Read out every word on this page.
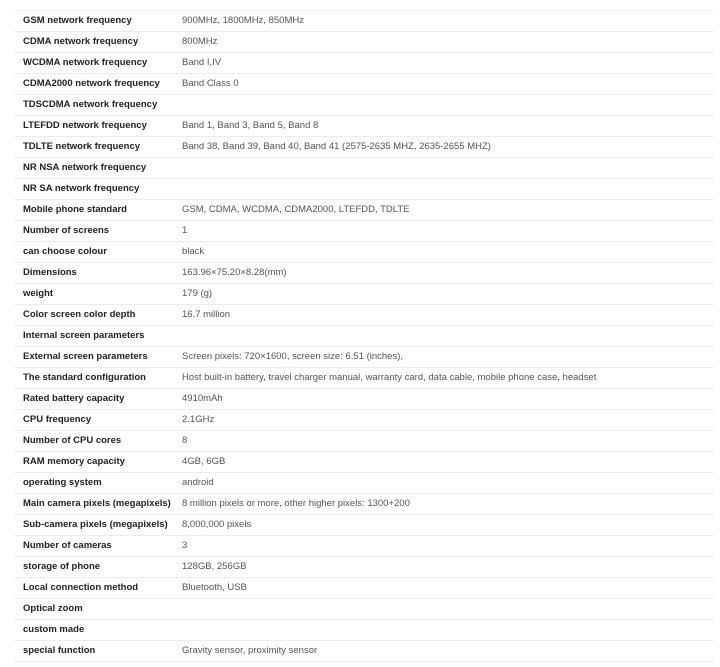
GSM network frequency	900MHz, 1800MHz, 850MHz
CDMA network frequency	800MHz
WCDMA network frequency	Band I,IV
CDMA2000 network frequency	Band Class 0
TDSCDMA network frequency	
LTEFDD network frequency	Band 1, Band 3, Band 5, Band 8
TDLTE network frequency	Band 38, Band 39, Band 40, Band 41 (2575-2635 MHZ, 2635-2655 MHZ)
NR NSA network frequency	
NR SA network frequency	
Mobile phone standard	GSM, CDMA, WCDMA, CDMA2000, LTEFDD, TDLTE
Number of screens	1
can choose colour	black
Dimensions	163.96×75.20×8.28(mm)
weight	179 (g)
Color screen color depth	16.7 million
Internal screen parameters	
External screen parameters	Screen pixels: 720×1600, screen size: 6.51 (inches),
The standard configuration	Host built-in battery, travel charger manual, warranty card, data cable, mobile phone case, headset
Rated battery capacity	4910mAh
CPU frequency	2.1GHz
Number of CPU cores	8
RAM memory capacity	4GB, 6GB
operating system	android
Main camera pixels (megapixels)	8 million pixels or more, other higher pixels: 1300+200
Sub-camera pixels (megapixels)	8,000,000 pixels
Number of cameras	3
storage of phone	128GB, 256GB
Local connection method	Bluetooth, USB
Optical zoom	
custom made	
special function	Gravity sensor, proximity sensor
